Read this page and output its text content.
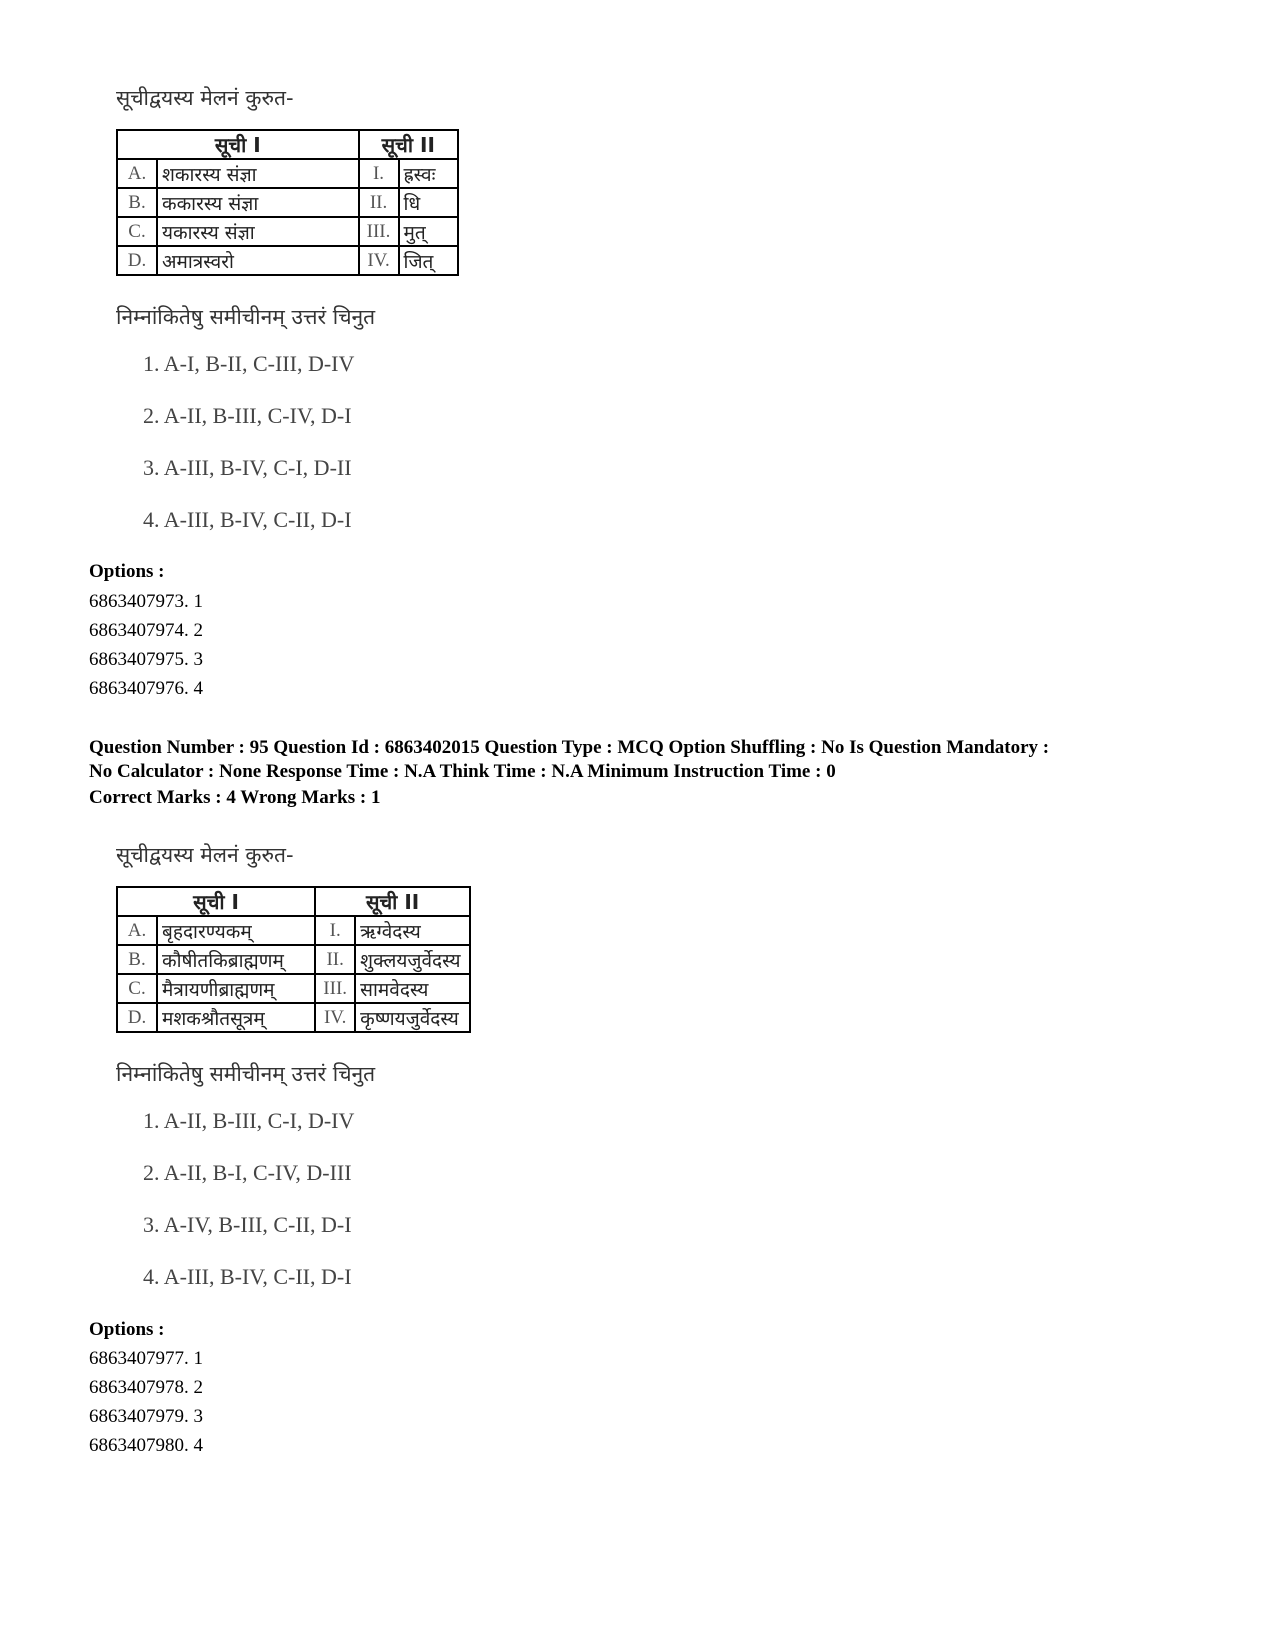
सूचीद्वयस्य मेलनं कुरुत-
सूची I		सूची II	
A.	शकारस्य संज्ञा	I.	ह्रस्वः
B.	ककारस्य संज्ञा	II.	धि
C.	यकारस्य संज्ञा	III.	मुत्
D.	अमात्रस्वरो	IV.	जित्
निम्नांकितेषु समीचीनम् उत्तरं चिनुत
1. A-I, B-II, C-III, D-IV
2. A-II, B-III, C-IV, D-I
3. A-III, B-IV, C-I, D-II
4. A-III, B-IV, C-II, D-I
Options :
6863407973. 1
6863407974. 2
6863407975. 3
6863407976. 4
Question Number : 95 Question Id : 6863402015 Question Type : MCQ Option Shuffling : No Is Question Mandatory :
No Calculator : None Response Time : N.A Think Time : N.A Minimum Instruction Time : 0
Correct Marks : 4 Wrong Marks : 1
सूचीद्वयस्य मेलनं कुरुत-
सूची I		सूची II	
A.	बृहदारण्यकम्	I.	ऋग्वेदस्य
B.	कौषीतकिब्राह्मणम्	II.	शुक्लयजुर्वेदस्य
C.	मैत्रायणीब्राह्मणम्	III.	सामवेदस्य
D.	मशकश्रौतसूत्रम्	IV.	कृष्णयजुर्वेदस्य
निम्नांकितेषु समीचीनम् उत्तरं चिनुत
1. A-II, B-III, C-I, D-IV
2. A-II, B-I, C-IV, D-III
3. A-IV, B-III, C-II, D-I
4. A-III, B-IV, C-II, D-I
Options :
6863407977. 1
6863407978. 2
6863407979. 3
6863407980. 4
